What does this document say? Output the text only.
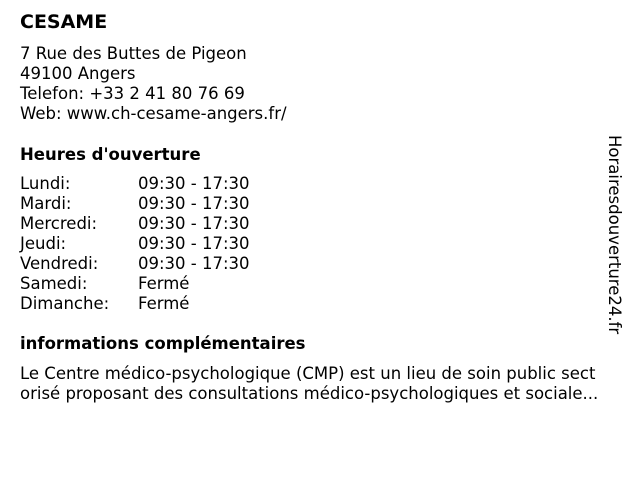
CESAME
7 Rue des Buttes de Pigeon
49100 Angers
Telefon: +33 2 41 80 76 69
Web: www.ch-cesame-angers.fr/
Heures d'ouverture
Lundi:	09:30 - 17:30
Mardi:	09:30 - 17:30
Mercredi: 09:30 - 17:30
Jeudi:	09:30 - 17:30
Vendredi: 09:30 - 17:30
Samedi:	Fermé
Dimanche: Fermé
informations complémentaires
Le Centre médico-psychologique (CMP) est un lieu de soin public sect
orisé proposant des consultations médico-psychologiques et sociale...
Horairesdouverture24.fr
